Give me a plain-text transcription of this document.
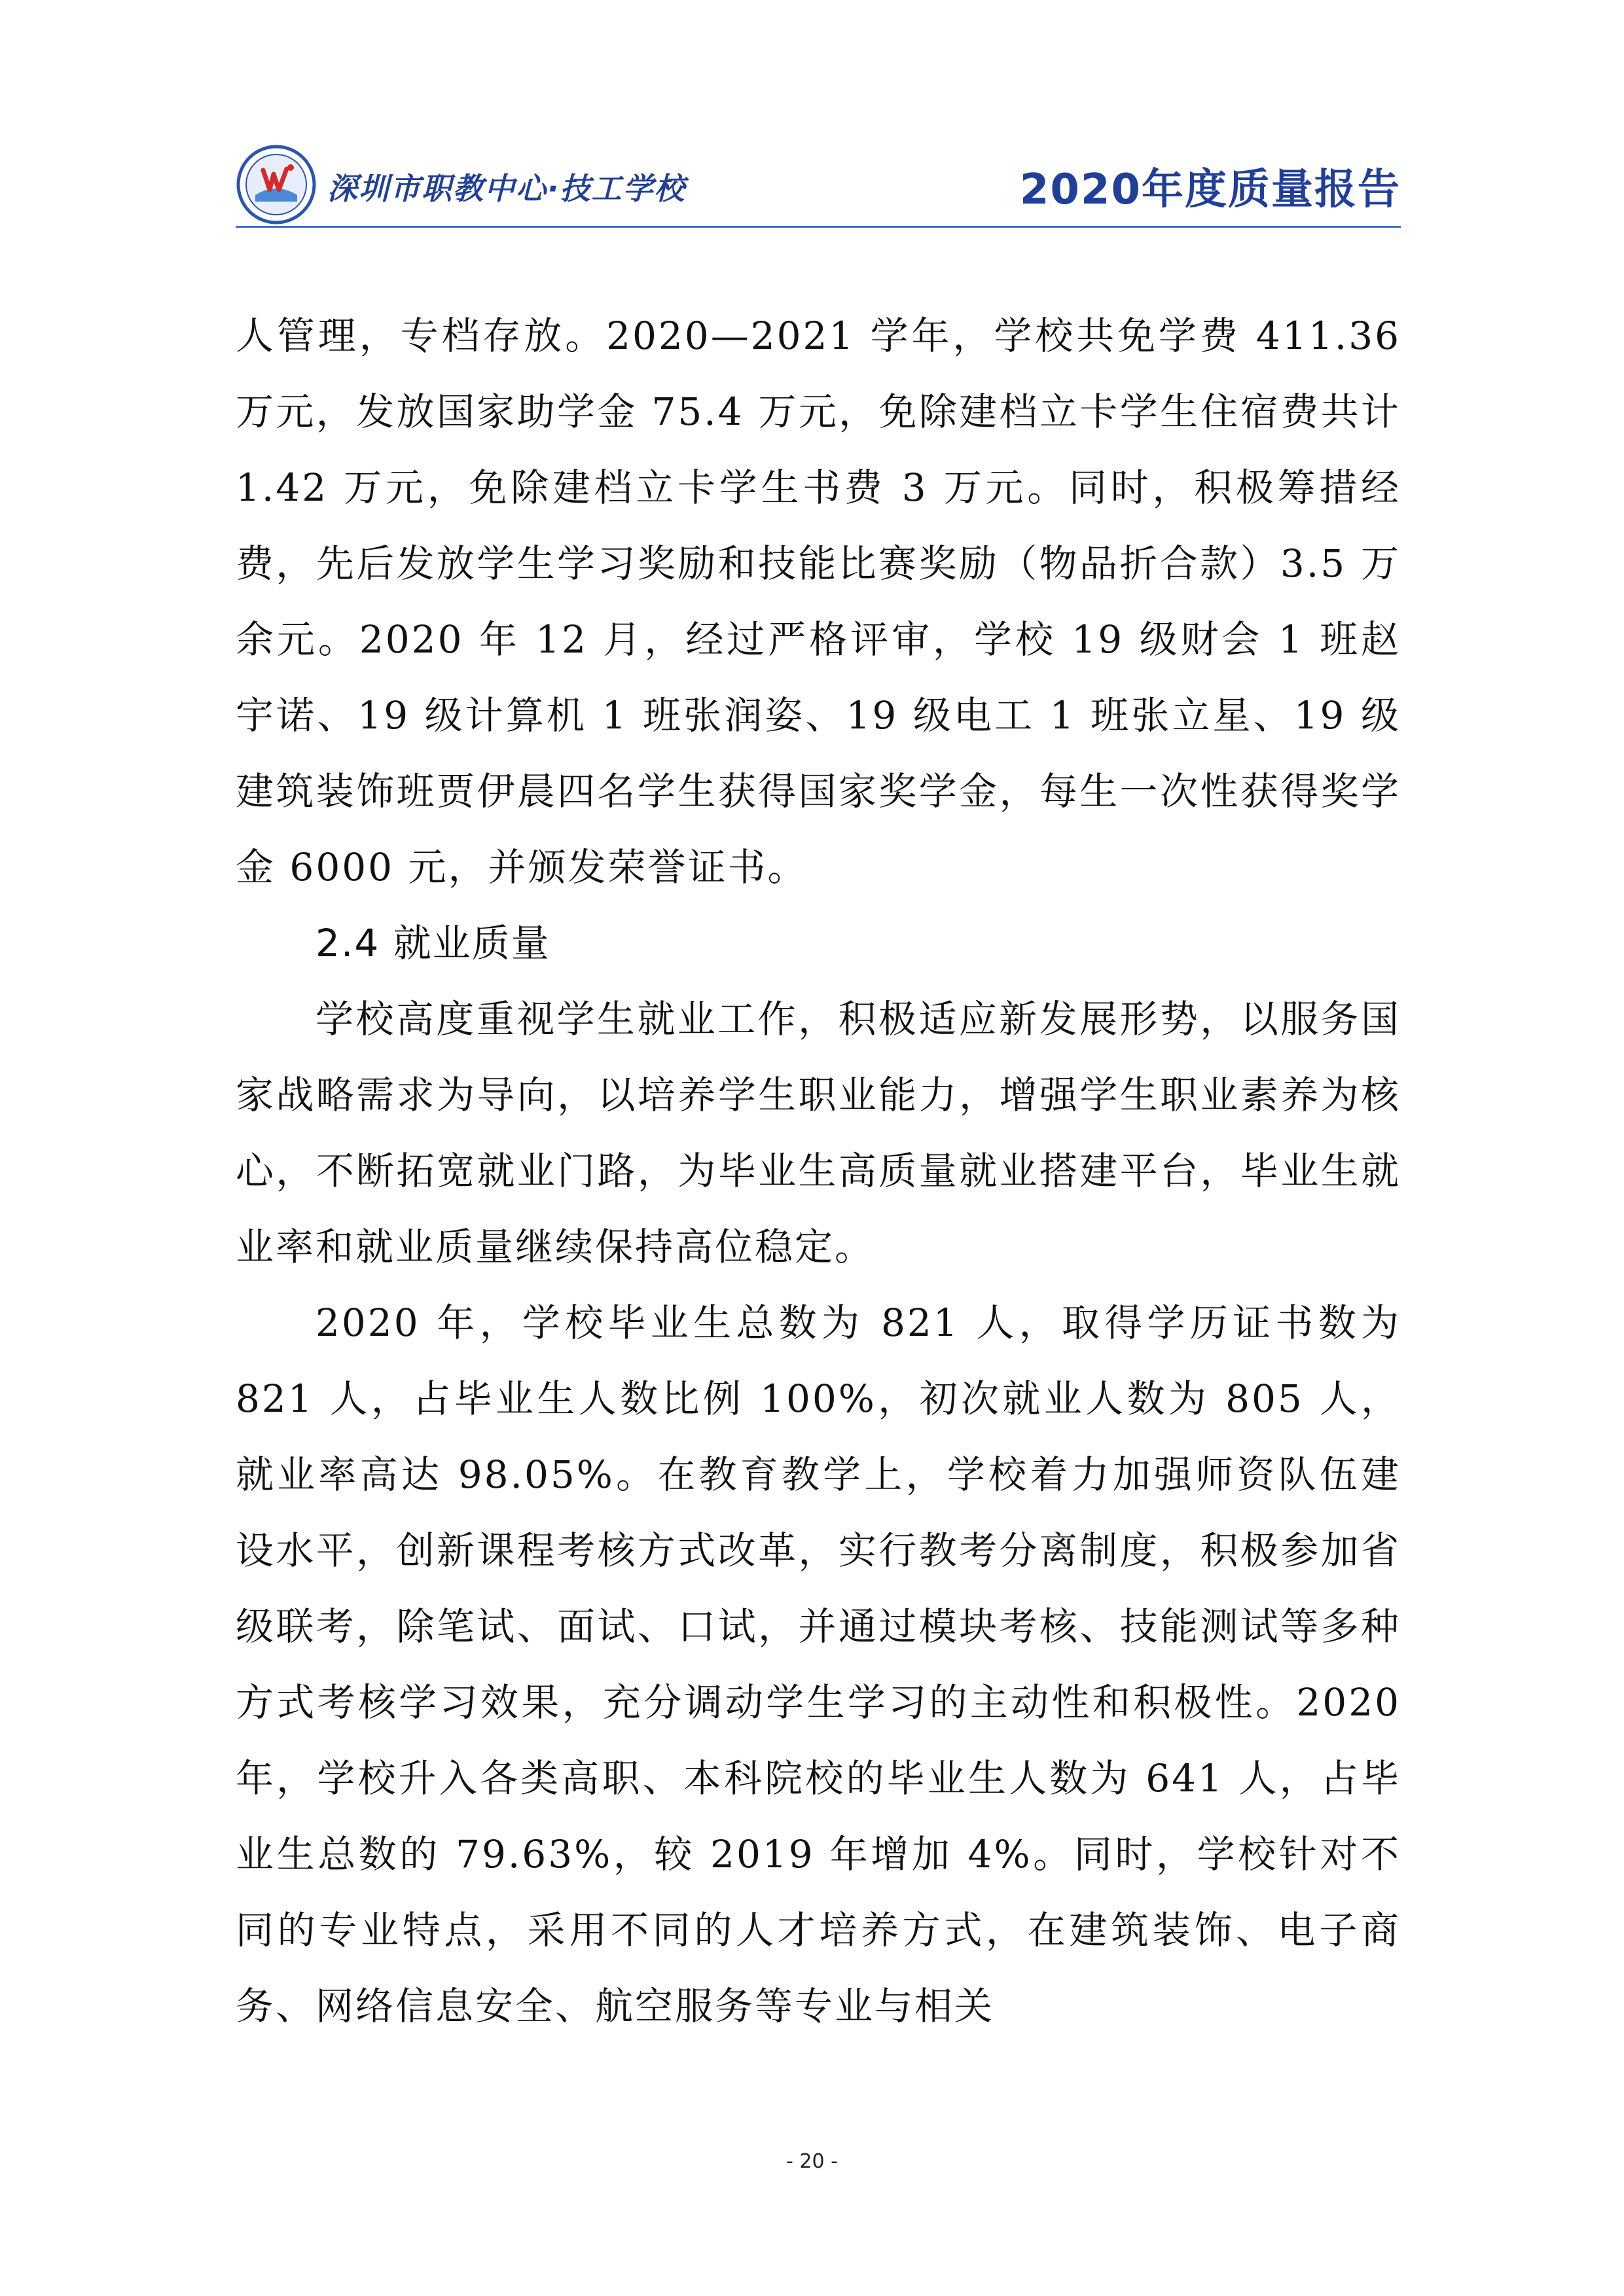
深圳市职教中心·技工学校	2020年度质量报告

人管理，专档存放。2020—2021 学年，学校共免学费 411.36 万元，发放国家助学金 75.4 万元，免除建档立卡学生住宿费共计 1.42 万元，免除建档立卡学生书费 3 万元。同时，积极筹措经费，先后发放学生学习奖励和技能比赛奖励（物品折合款）3.5 万余元。2020 年 12 月，经过严格评审，学校 19 级财会 1 班赵宇诺、19 级计算机 1 班张润姿、19 级电工 1 班张立星、19 级建筑装饰班贾伊晨四名学生获得国家奖学金，每生一次性获得奖学金 6000 元，并颁发荣誉证书。

2.4 就业质量

学校高度重视学生就业工作，积极适应新发展形势，以服务国家战略需求为导向，以培养学生职业能力，增强学生职业素养为核心，不断拓宽就业门路，为毕业生高质量就业搭建平台，毕业生就业率和就业质量继续保持高位稳定。

2020 年，学校毕业生总数为 821 人，取得学历证书数为 821 人，占毕业生人数比例 100%，初次就业人数为 805 人，就业率高达 98.05%。在教育教学上，学校着力加强师资队伍建设水平，创新课程考核方式改革，实行教考分离制度，积极参加省级联考，除笔试、面试、口试，并通过模块考核、技能测试等多种方式考核学习效果，充分调动学生学习的主动性和积极性。2020 年，学校升入各类高职、本科院校的毕业生人数为 641 人，占毕业生总数的 79.63%，较 2019 年增加 4%。同时，学校针对不同的专业特点，采用不同的人才培养方式，在建筑装饰、电子商务、网络信息安全、航空服务等专业与相关

- 20 -
